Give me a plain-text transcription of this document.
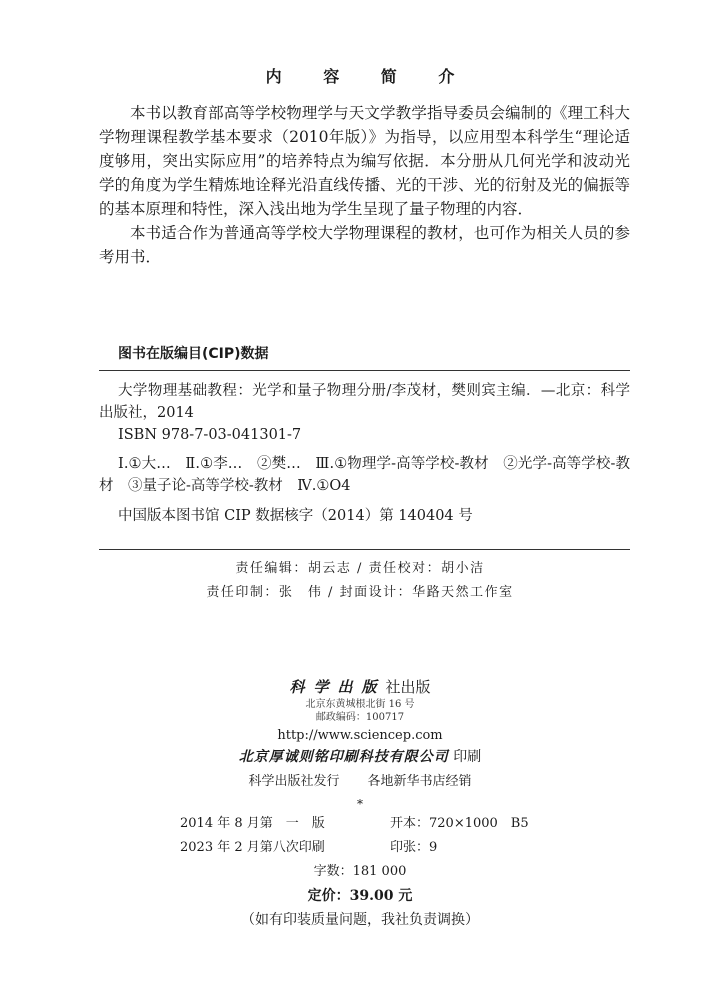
内 容 简 介

本书以教育部高等学校物理学与天文学教学指导委员会编制的《理工科大学物理课程教学基本要求（2010年版）》为指导，以应用型本科学生“理论适度够用，突出实际应用”的培养特点为编写依据．本分册从几何光学和波动光学的角度为学生精炼地诠释光沿直线传播、光的干涉、光的衍射及光的偏振等的基本原理和特性，深入浅出地为学生呈现了量子物理的内容．

本书适合作为普通高等学校大学物理课程的教材，也可作为相关人员的参考用书．

图书在版编目(CIP)数据

大学物理基础教程：光学和量子物理分册/李茂材，樊则宾主编．—北京：科学出版社，2014

ISBN 978-7-03-041301-7

Ⅰ.①大…　Ⅱ.①李…　②樊…　Ⅲ.①物理学-高等学校-教材　②光学-高等学校-教材　③量子论-高等学校-教材　Ⅳ.①O4

中国版本图书馆 CIP 数据核字（2014）第 140404 号

责任编辑：胡云志 / 责任校对：胡小洁
责任印制：张　伟 / 封面设计：华路天然工作室
科学出版社出版
北京东黄城根北街 16 号
邮政编码：100717
http://www.sciencep.com
北京厚诚则铭印刷科技有限公司 印刷
科学出版社发行 各地新华书店经销
*
2014 年 8 月第　一　版	开本：720×1000　B5
2023 年 2 月第八次印刷	印张：9
字数：181 000
定价：39.00 元
（如有印装质量问题，我社负责调换）
